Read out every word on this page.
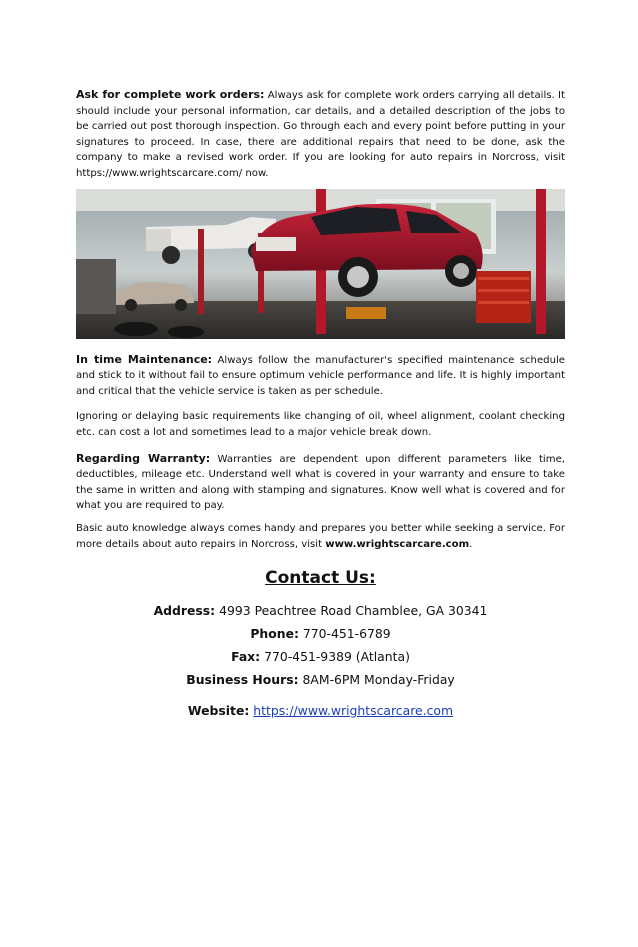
Ask for complete work orders: Always ask for complete work orders carrying all details. It should include your personal information, car details, and a detailed description of the jobs to be carried out post thorough inspection. Go through each and every point before putting in your signatures to proceed. In case, there are additional repairs that need to be done, ask the company to make a revised work order. If you are looking for auto repairs in Norcross, visit https://www.wrightscarcare.com/ now.

In time Maintenance: Always follow the manufacturer's specified maintenance schedule and stick to it without fail to ensure optimum vehicle performance and life. It is highly important and critical that the vehicle service is taken as per schedule.

Ignoring or delaying basic requirements like changing of oil, wheel alignment, coolant checking etc. can cost a lot and sometimes lead to a major vehicle break down.

Regarding Warranty: Warranties are dependent upon different parameters like time, deductibles, mileage etc. Understand well what is covered in your warranty and ensure to take the same in written and along with stamping and signatures. Know well what is covered and for what you are required to pay.

Basic auto knowledge always comes handy and prepares you better while seeking a service. For more details about auto repairs in Norcross, visit www.wrightscarcare.com.

Contact Us:
Address: 4993 Peachtree Road Chamblee, GA 30341
Phone: 770-451-6789
Fax: 770-451-9389 (Atlanta)
Business Hours: 8AM-6PM Monday-Friday
Website: https://www.wrightscarcare.com
